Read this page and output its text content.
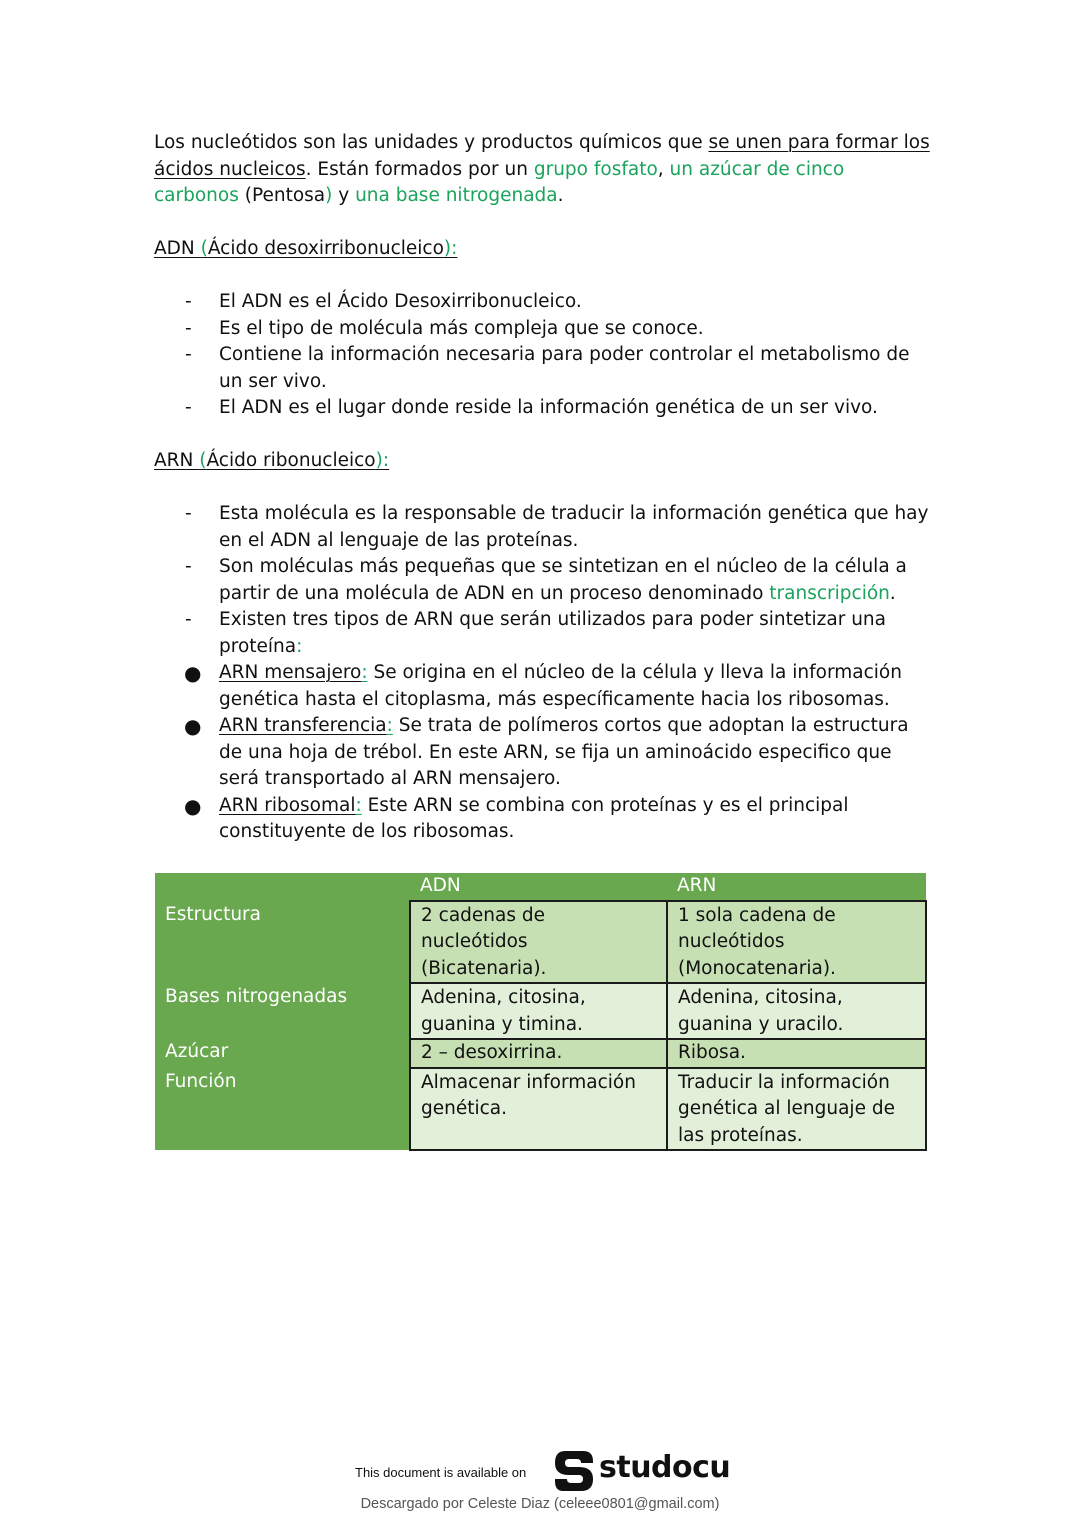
Los nucleótidos son las unidades y productos químicos que se unen para formar los ácidos nucleicos. Están formados por un grupo fosfato, un azúcar de cinco carbonos (Pentosa) y una base nitrogenada.

ADN (Ácido desoxirribonucleico):

- El ADN es el Ácido Desoxirribonucleico.
- Es el tipo de molécula más compleja que se conoce.
- Contiene la información necesaria para poder controlar el metabolismo de un ser vivo.
- El ADN es el lugar donde reside la información genética de un ser vivo.

ARN (Ácido ribonucleico):

- Esta molécula es la responsable de traducir la información genética que hay en el ADN al lenguaje de las proteínas.
- Son moléculas más pequeñas que se sintetizan en el núcleo de la célula a partir de una molécula de ADN en un proceso denominado transcripción.
- Existen tres tipos de ARN que serán utilizados para poder sintetizar una proteína:
● ARN mensajero: Se origina en el núcleo de la célula y lleva la información genética hasta el citoplasma, más específicamente hacia los ribosomas.
● ARN transferencia: Se trata de polímeros cortos que adoptan la estructura de una hoja de trébol. En este ARN, se fija un aminoácido especifico que será transportado al ARN mensajero.
● ARN ribosomal: Este ARN se combina con proteínas y es el principal constituyente de los ribosomas.
	ADN	ARN
Estructura	2 cadenas de nucleótidos (Bicatenaria).	1 sola cadena de nucleótidos (Monocatenaria).
Bases nitrogenadas	Adenina, citosina, guanina y timina.	Adenina, citosina, guanina y uracilo.
Azúcar	2 – desoxirrina.	Ribosa.
Función	Almacenar información genética.	Traducir la información genética al lenguaje de las proteínas.
This document is available on studocu
Descargado por Celeste Diaz (celeee0801@gmail.com)
